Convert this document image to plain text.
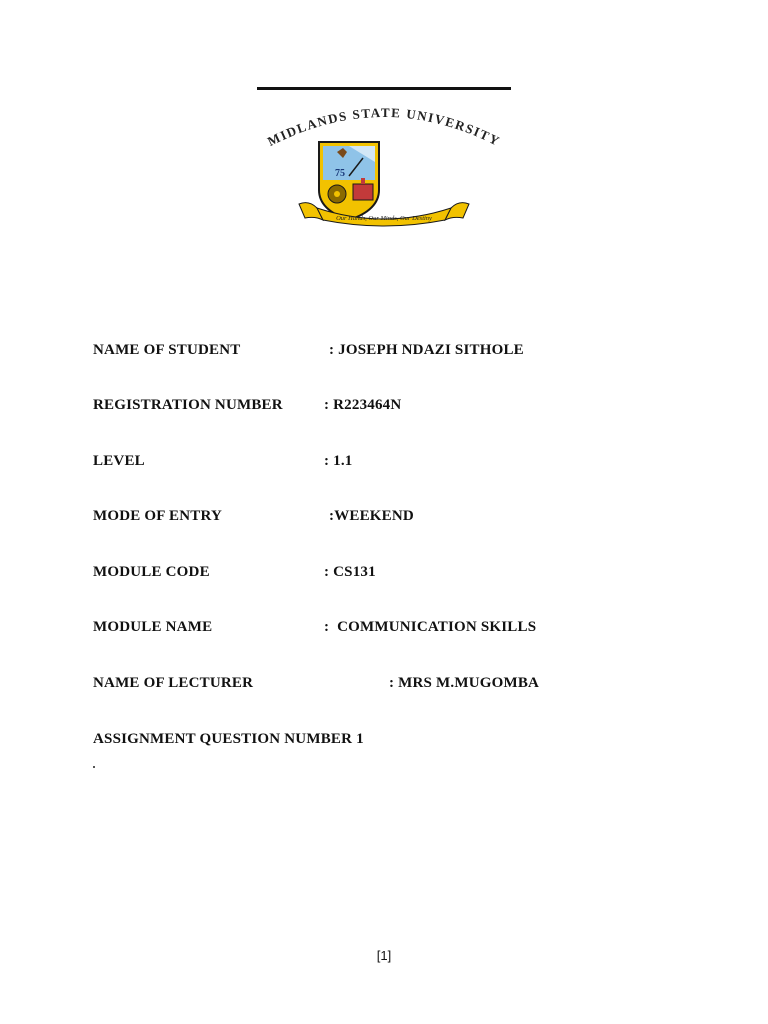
MIDLANDS STATE UNIVERSITY
75
Our Hands, Our Minds, Our Destiny

NAME OF STUDENT

	: JOSEPH NDAZI SITHOLE

REGISTRATION NUMBER

	: R223464N

LEVEL

	: 1.1

MODE OF ENTRY

	:WEEKEND

MODULE CODE

	: CS131

MODULE NAME

	:  COMMUNICATION SKILLS

NAME OF LECTURER

	: MRS M.MUGOMBA

ASSIGNMENT QUESTION NUMBER 1
[1]
